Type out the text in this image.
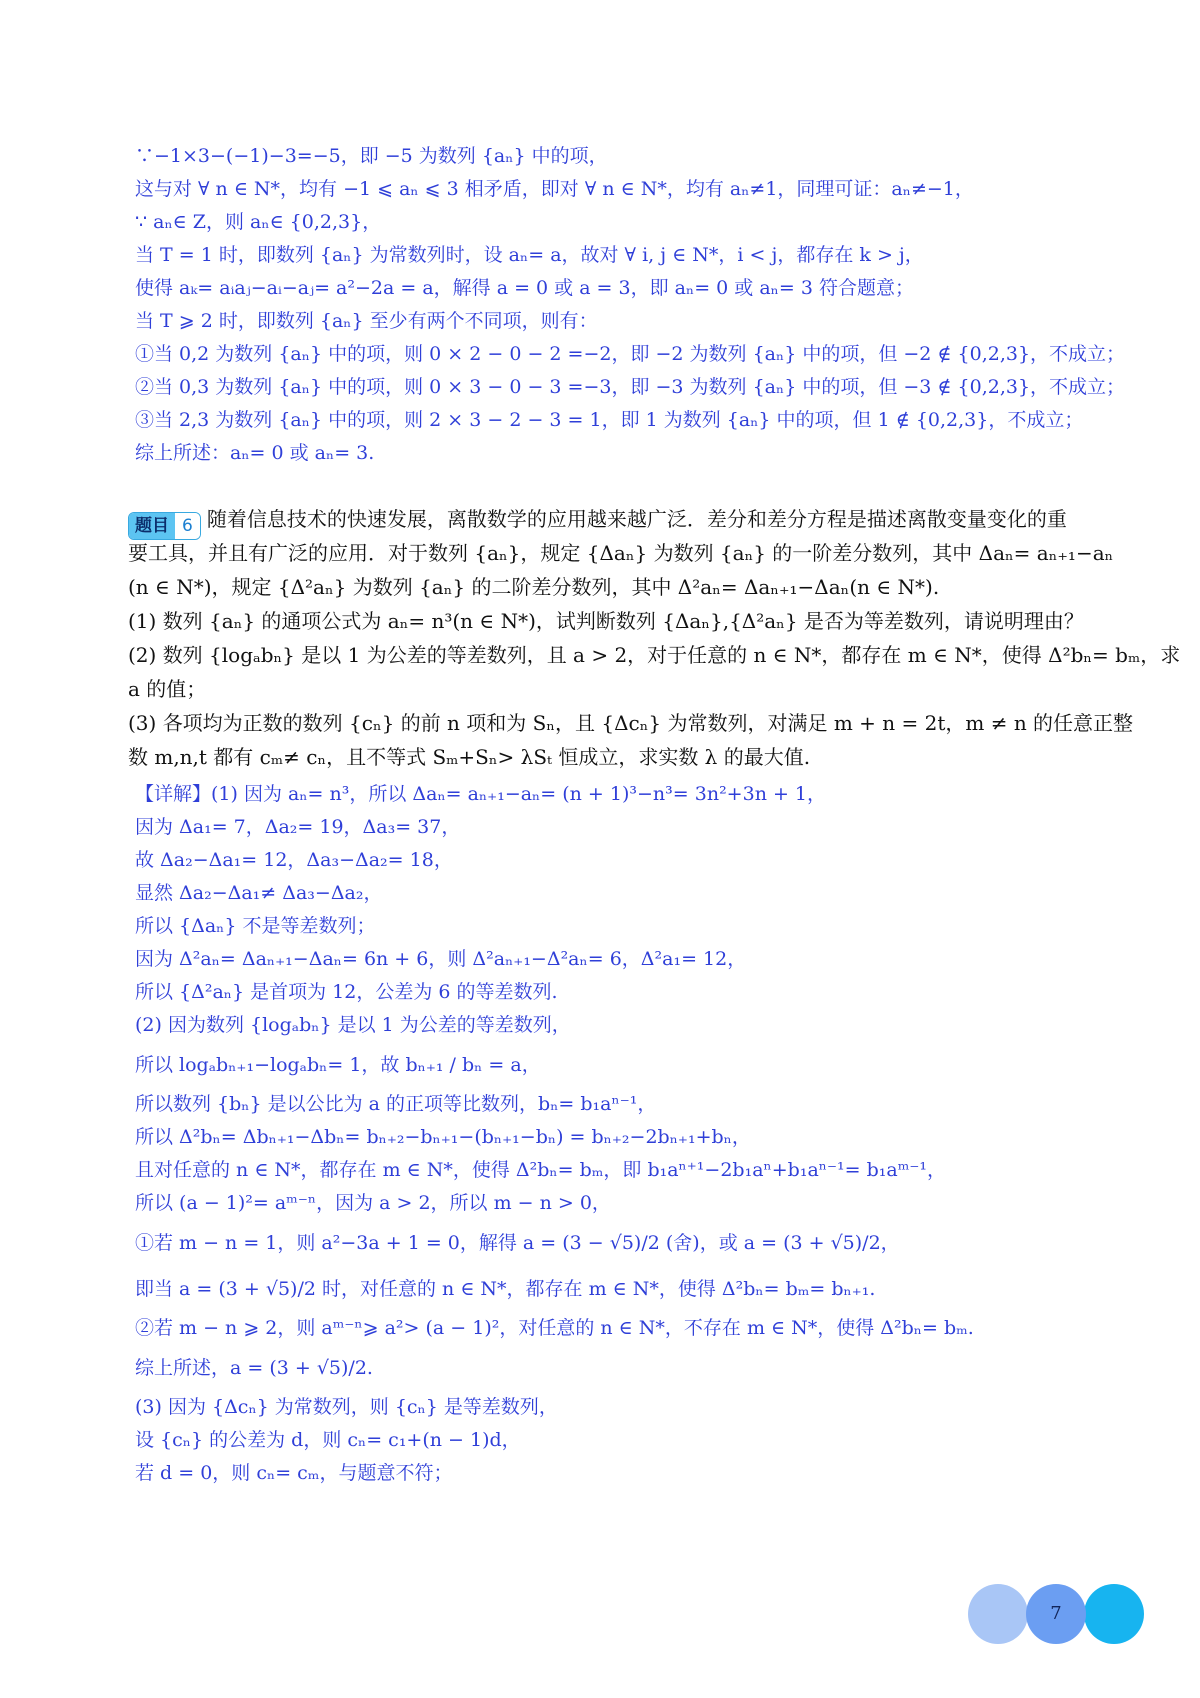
∵−1×3−(−1)−3=−5，即 −5 为数列 {aₙ} 中的项，
这与对 ∀ n ∈ N*，均有 −1 ⩽ aₙ ⩽ 3 相矛盾，即对 ∀ n ∈ N*，均有 aₙ≠1，同理可证：aₙ≠−1，
∵ aₙ∈ Z，则 aₙ∈ {0,2,3}，
当 T = 1 时，即数列 {aₙ} 为常数列时，设 aₙ= a，故对 ∀ i, j ∈ N*，i < j，都存在 k > j，
使得 aₖ= aᵢaⱼ−aᵢ−aⱼ= a²−2a = a，解得 a = 0 或 a = 3，即 aₙ= 0 或 aₙ= 3 符合题意；
当 T ⩾ 2 时，即数列 {aₙ} 至少有两个不同项，则有：
①当 0,2 为数列 {aₙ} 中的项，则 0 × 2 − 0 − 2 =−2，即 −2 为数列 {aₙ} 中的项，但 −2 ∉ {0,2,3}，不成立；
②当 0,3 为数列 {aₙ} 中的项，则 0 × 3 − 0 − 3 =−3，即 −3 为数列 {aₙ} 中的项，但 −3 ∉ {0,2,3}，不成立；
③当 2,3 为数列 {aₙ} 中的项，则 2 × 3 − 2 − 3 = 1，即 1 为数列 {aₙ} 中的项，但 1 ∉ {0,2,3}，不成立；
综上所述：aₙ= 0 或 aₙ= 3.
题目 6 随着信息技术的快速发展，离散数学的应用越来越广泛．差分和差分方程是描述离散变量变化的重
要工具，并且有广泛的应用．对于数列 {aₙ}，规定 {Δaₙ} 为数列 {aₙ} 的一阶差分数列，其中 Δaₙ= aₙ₊₁−aₙ
(n ∈ N*)，规定 {Δ²aₙ} 为数列 {aₙ} 的二阶差分数列，其中 Δ²aₙ= Δaₙ₊₁−Δaₙ(n ∈ N*).
(1) 数列 {aₙ} 的通项公式为 aₙ= n³(n ∈ N*)，试判断数列 {Δaₙ},{Δ²aₙ} 是否为等差数列，请说明理由？
(2) 数列 {logₐbₙ} 是以 1 为公差的等差数列，且 a > 2，对于任意的 n ∈ N*，都存在 m ∈ N*，使得 Δ²bₙ= bₘ，求
a 的值；
(3) 各项均为正数的数列 {cₙ} 的前 n 项和为 Sₙ，且 {Δcₙ} 为常数列，对满足 m + n = 2t，m ≠ n 的任意正整
数 m,n,t 都有 cₘ≠ cₙ，且不等式 Sₘ+Sₙ> λSₜ 恒成立，求实数 λ 的最大值.
【详解】(1) 因为 aₙ= n³，所以 Δaₙ= aₙ₊₁−aₙ= (n + 1)³−n³= 3n²+3n + 1，
因为 Δa₁= 7，Δa₂= 19，Δa₃= 37，
故 Δa₂−Δa₁= 12，Δa₃−Δa₂= 18，
显然 Δa₂−Δa₁≠ Δa₃−Δa₂，
所以 {Δaₙ} 不是等差数列；
因为 Δ²aₙ= Δaₙ₊₁−Δaₙ= 6n + 6，则 Δ²aₙ₊₁−Δ²aₙ= 6，Δ²a₁= 12，
所以 {Δ²aₙ} 是首项为 12，公差为 6 的等差数列.
(2) 因为数列 {logₐbₙ} 是以 1 为公差的等差数列，
所以 logₐbₙ₊₁−logₐbₙ= 1，故 bₙ₊₁ / bₙ = a，
所以数列 {bₙ} 是以公比为 a 的正项等比数列，bₙ= b₁aⁿ⁻¹，
所以 Δ²bₙ= Δbₙ₊₁−Δbₙ= bₙ₊₂−bₙ₊₁−(bₙ₊₁−bₙ) = bₙ₊₂−2bₙ₊₁+bₙ，
且对任意的 n ∈ N*，都存在 m ∈ N*，使得 Δ²bₙ= bₘ，即 b₁aⁿ⁺¹−2b₁aⁿ+b₁aⁿ⁻¹= b₁aᵐ⁻¹，
所以 (a − 1)²= aᵐ⁻ⁿ，因为 a > 2，所以 m − n > 0，
①若 m − n = 1，则 a²−3a + 1 = 0，解得 a = (3 − √5)/2 (舍)，或 a = (3 + √5)/2，
即当 a = (3 + √5)/2 时，对任意的 n ∈ N*，都存在 m ∈ N*，使得 Δ²bₙ= bₘ= bₙ₊₁.
②若 m − n ⩾ 2，则 aᵐ⁻ⁿ⩾ a²> (a − 1)²，对任意的 n ∈ N*，不存在 m ∈ N*，使得 Δ²bₙ= bₘ.
综上所述，a = (3 + √5)/2.
(3) 因为 {Δcₙ} 为常数列，则 {cₙ} 是等差数列，
设 {cₙ} 的公差为 d，则 cₙ= c₁+(n − 1)d，
若 d = 0，则 cₙ= cₘ，与题意不符；
7
